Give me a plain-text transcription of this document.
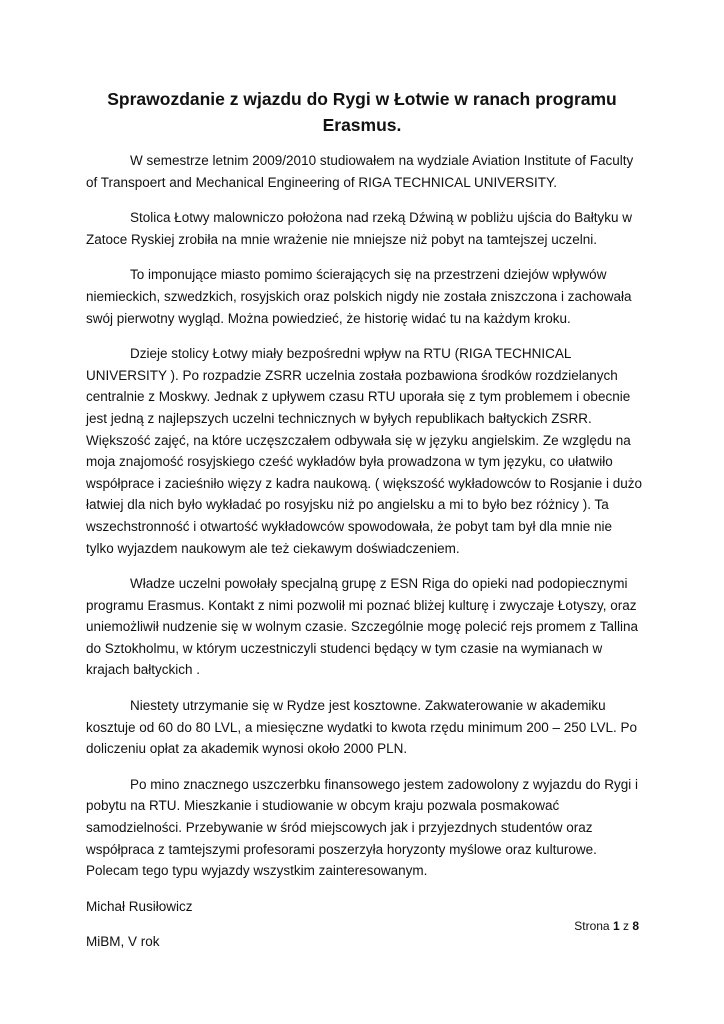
Sprawozdanie z wjazdu do Rygi w Łotwie w ranach programu Erasmus.

W semestrze letnim 2009/2010 studiowałem na wydziale Aviation Institute of Faculty of Transpoert and Mechanical Engineering of RIGA TECHNICAL UNIVERSITY.

Stolica Łotwy malowniczo położona nad rzeką Dźwiną w pobliżu ujścia do Bałtyku w Zatoce Ryskiej zrobiła na mnie wrażenie nie mniejsze niż pobyt na tamtejszej uczelni.

To imponujące miasto pomimo ścierających się na przestrzeni dziejów wpływów niemieckich, szwedzkich, rosyjskich oraz polskich nigdy nie została zniszczona i zachowała swój pierwotny wygląd. Można powiedzieć, że historię widać tu na każdym kroku.

Dzieje stolicy Łotwy miały bezpośredni wpływ na RTU (RIGA TECHNICAL UNIVERSITY ). Po rozpadzie ZSRR uczelnia została pozbawiona środków rozdzielanych centralnie z Moskwy. Jednak z upływem czasu RTU uporała się z tym problemem i obecnie jest jedną z najlepszych uczelni technicznych w byłych republikach bałtyckich ZSRR. Większość zajęć, na które uczęszczałem odbywała się w języku angielskim. Ze względu na moja znajomość rosyjskiego cześć wykładów była prowadzona w tym języku, co ułatwiło współprace i zacieśniło więzy z kadra naukową. ( większość wykładowców to Rosjanie i dużo łatwiej dla nich było wykładać po rosyjsku niż po angielsku a mi to było bez różnicy ). Ta wszechstronność i otwartość wykładowców spowodowała, że pobyt tam był dla mnie nie tylko wyjazdem naukowym ale też ciekawym doświadczeniem.

Władze uczelni powołały specjalną grupę z ESN Riga do opieki nad podopiecznymi programu Erasmus. Kontakt z nimi pozwolił mi poznać bliżej kulturę i zwyczaje Łotyszy, oraz uniemożliwił nudzenie się w wolnym czasie. Szczególnie mogę polecić rejs promem z Tallina do Sztokholmu, w którym uczestniczyli studenci będący w tym czasie na wymianach w krajach bałtyckich .

Niestety utrzymanie się w Rydze jest kosztowne. Zakwaterowanie w akademiku kosztuje od 60 do 80 LVL, a miesięczne wydatki to kwota rzędu minimum 200 – 250 LVL. Po doliczeniu opłat za akademik wynosi około 2000 PLN.

Po mino znacznego uszczerbku finansowego jestem zadowolony z wyjazdu do Rygi i pobytu na RTU. Mieszkanie i studiowanie w obcym kraju pozwala posmakować samodzielności. Przebywanie w śród miejscowych jak i przyjezdnych studentów oraz współpraca z tamtejszymi profesorami poszerzyła horyzonty myślowe oraz kulturowe. Polecam tego typu wyjazdy wszystkim zainteresowanym.

Michał Rusiłowicz

MiBM, V rok

Strona 1 z 8
